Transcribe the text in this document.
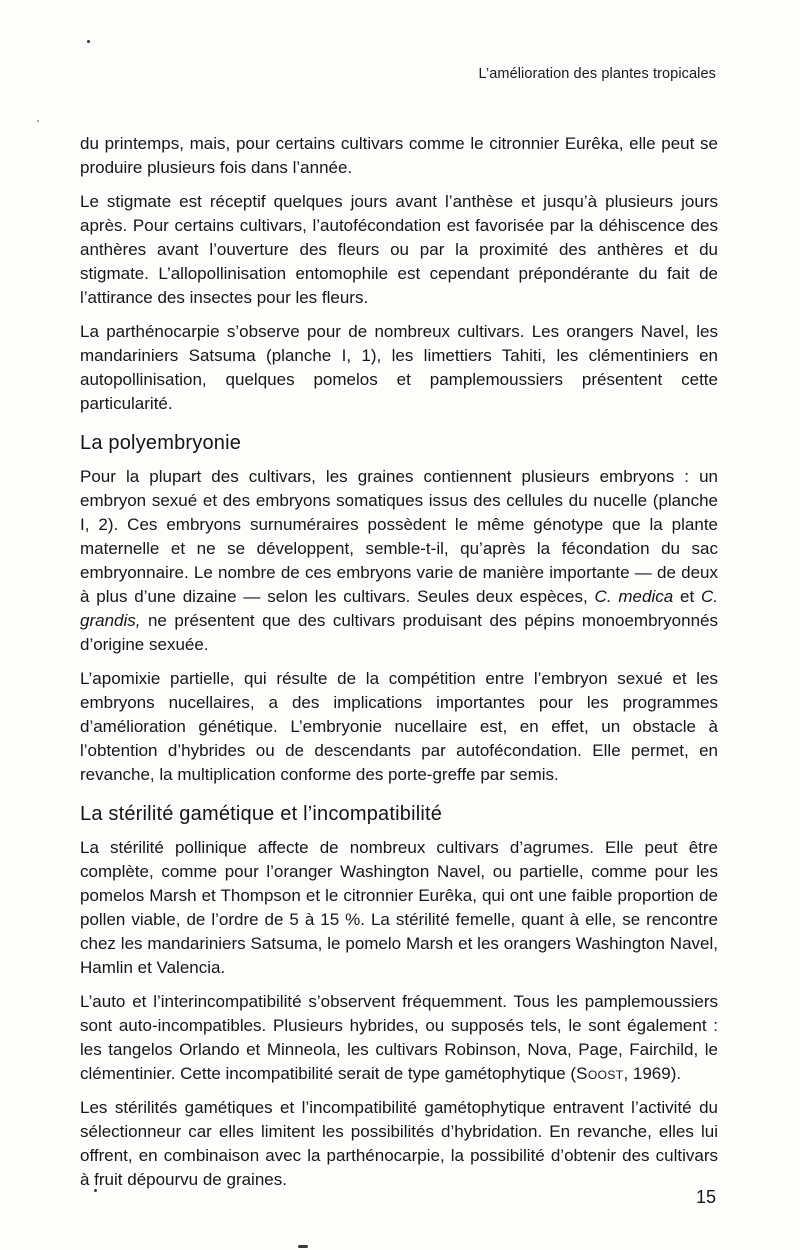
L’amélioration des plantes tropicales

du printemps, mais, pour certains cultivars comme le citronnier Eurêka, elle peut se produire plusieurs fois dans l’année.

Le stigmate est réceptif quelques jours avant l’anthèse et jusqu’à plusieurs jours après. Pour certains cultivars, l’autofécondation est favorisée par la déhiscence des anthères avant l’ouverture des fleurs ou par la proximité des anthères et du stigmate. L’allopollinisation entomophile est cependant prépondérante du fait de l’attirance des insectes pour les fleurs.

La parthénocarpie s’observe pour de nombreux cultivars. Les orangers Navel, les mandariniers Satsuma (planche I, 1), les limettiers Tahiti, les clémentiniers en autopollinisation, quelques pomelos et pamplemoussiers présentent cette particularité.

La polyembryonie

Pour la plupart des cultivars, les graines contiennent plusieurs embryons : un embryon sexué et des embryons somatiques issus des cellules du nucelle (planche I, 2). Ces embryons surnuméraires possèdent le même génotype que la plante maternelle et ne se développent, semble-t-il, qu’après la fécondation du sac embryonnaire. Le nombre de ces embryons varie de manière importante — de deux à plus d’une dizaine — selon les cultivars. Seules deux espèces, C. medica et C. grandis, ne présentent que des cultivars produisant des pépins monoembryonnés d’origine sexuée.

L’apomixie partielle, qui résulte de la compétition entre l’embryon sexué et les embryons nucellaires, a des implications importantes pour les programmes d’amélioration génétique. L’embryonie nucellaire est, en effet, un obstacle à l’obtention d’hybrides ou de descendants par autofécondation. Elle permet, en revanche, la multiplication conforme des porte-greffe par semis.

La stérilité gamétique et l’incompatibilité

La stérilité pollinique affecte de nombreux cultivars d’agrumes. Elle peut être complète, comme pour l’oranger Washington Navel, ou partielle, comme pour les pomelos Marsh et Thompson et le citronnier Eurêka, qui ont une faible proportion de pollen viable, de l’ordre de 5 à 15 %. La stérilité femelle, quant à elle, se rencontre chez les mandariniers Satsuma, le pomelo Marsh et les orangers Washington Navel, Hamlin et Valencia.

L’auto et l’interincompatibilité s’observent fréquemment. Tous les pamplemoussiers sont auto-incompatibles. Plusieurs hybrides, ou supposés tels, le sont également : les tangelos Orlando et Minneola, les cultivars Robinson, Nova, Page, Fairchild, le clémentinier. Cette incompatibilité serait de type gamétophytique (Soost, 1969).

Les stérilités gamétiques et l’incompatibilité gamétophytique entravent l’activité du sélectionneur car elles limitent les possibilités d’hybridation. En revanche, elles lui offrent, en combinaison avec la parthénocarpie, la possibilité d’obtenir des cultivars à fruit dépourvu de graines.

15
